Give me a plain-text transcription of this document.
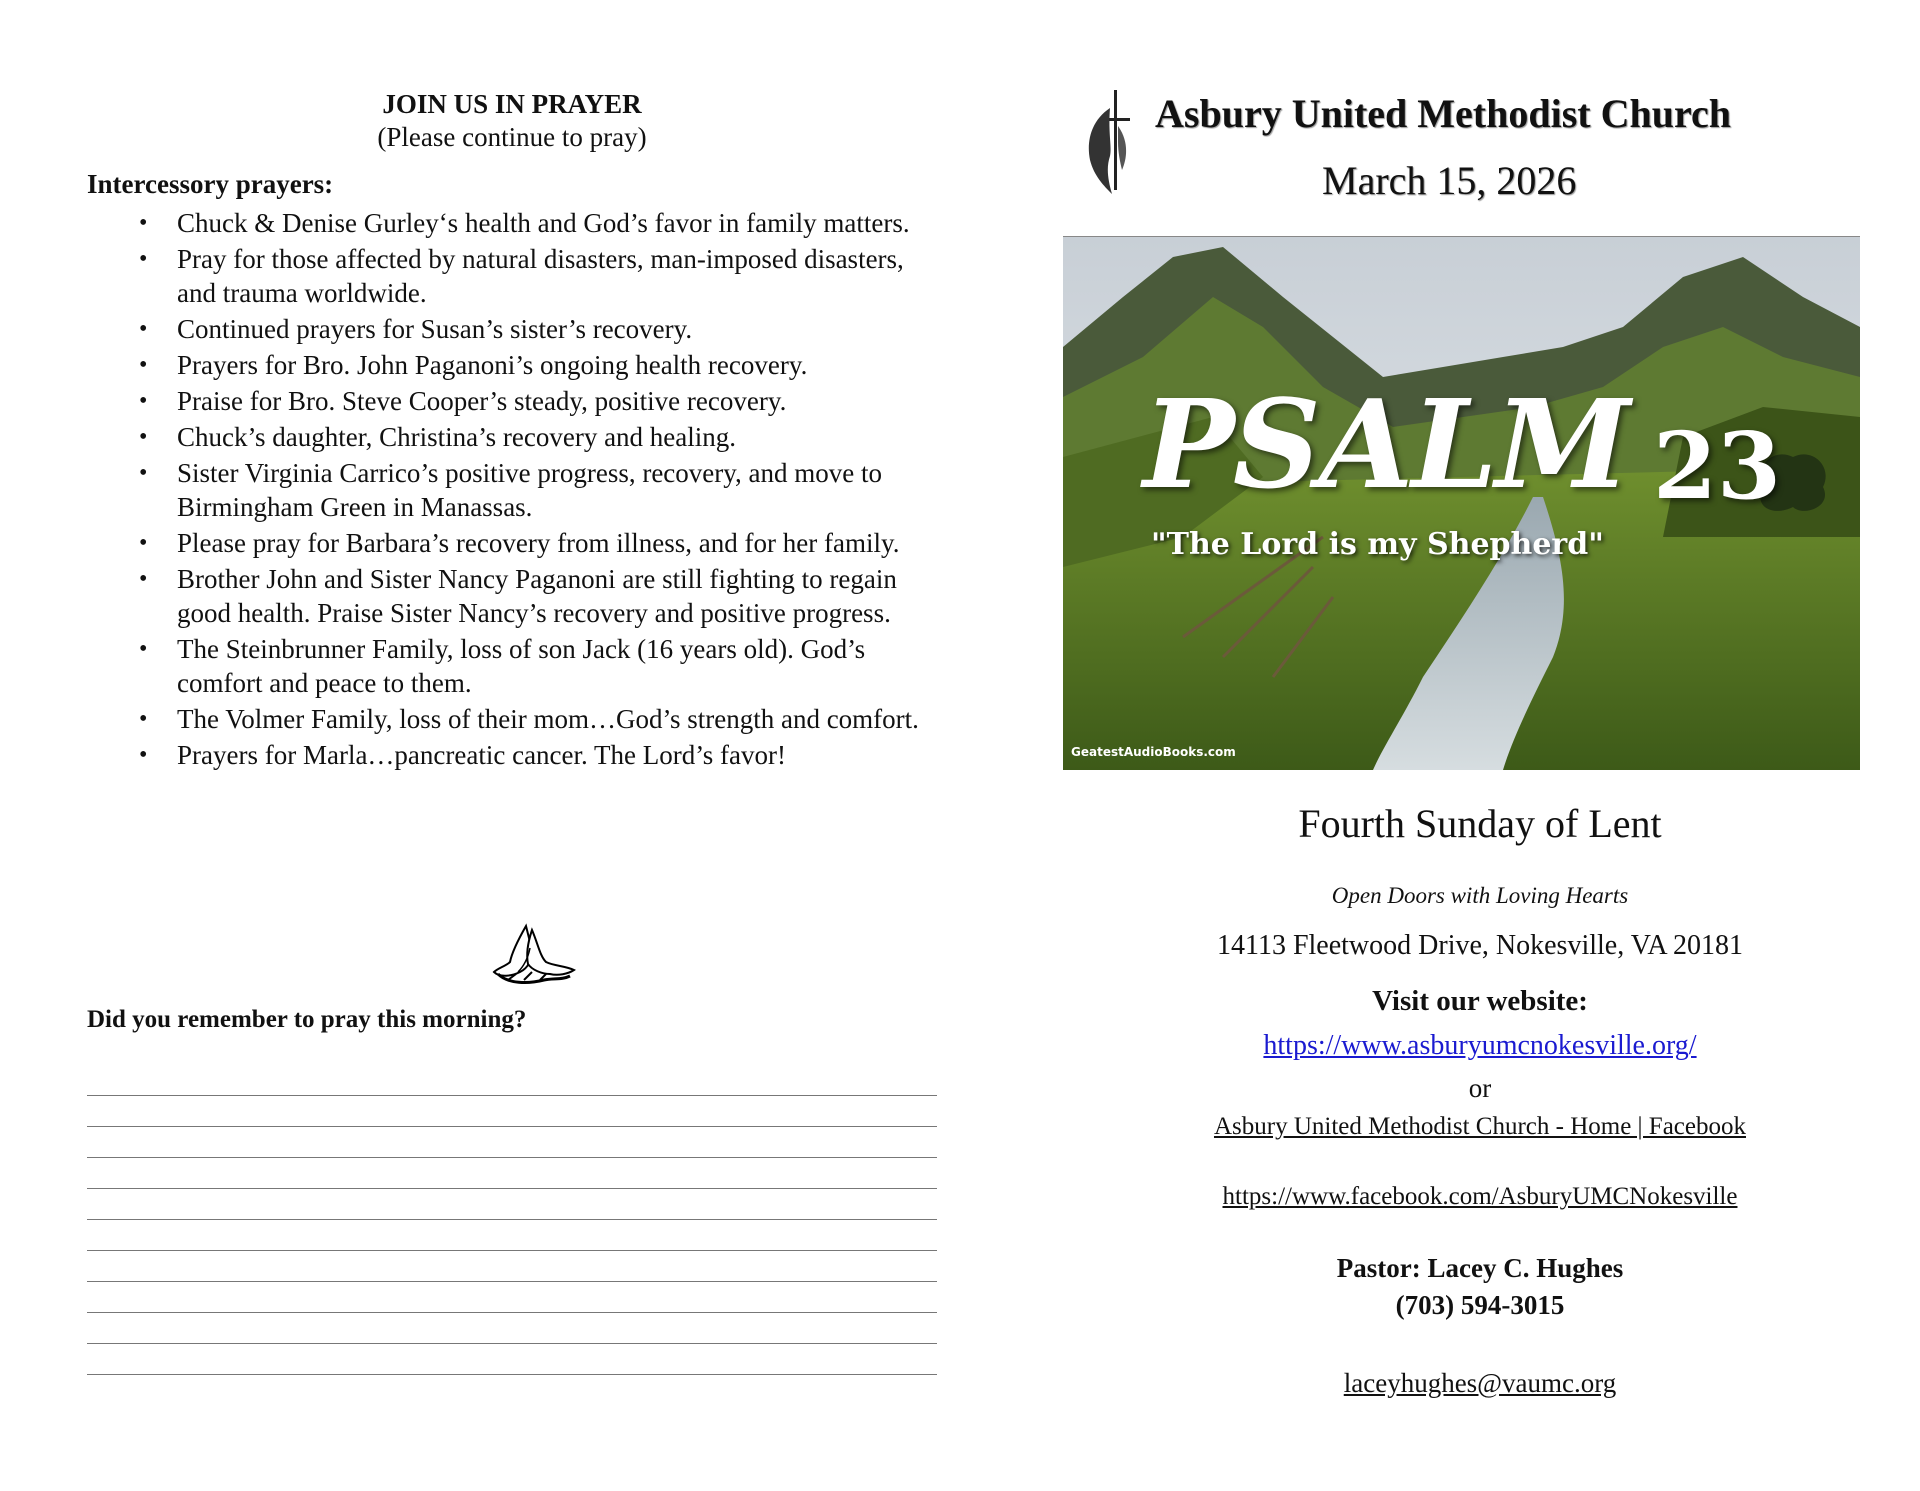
JOIN US IN PRAYER
(Please continue to pray)
Intercessory prayers:
• Chuck & Denise Gurley‘s health and God’s favor in family matters.
• Pray for those affected by natural disasters, man-imposed disasters, and trauma worldwide.
• Continued prayers for Susan’s sister’s recovery.
• Prayers for Bro. John Paganoni’s ongoing health recovery.
• Praise for Bro. Steve Cooper’s steady, positive recovery.
• Chuck’s daughter, Christina’s recovery and healing.
• Sister Virginia Carrico’s positive progress, recovery, and move to Birmingham Green in Manassas.
• Please pray for Barbara’s recovery from illness, and for her family.
• Brother John and Sister Nancy Paganoni are still fighting to regain good health. Praise Sister Nancy’s recovery and positive progress.
• The Steinbrunner Family, loss of son Jack (16 years old). God’s comfort and peace to them.
• The Volmer Family, loss of their mom…God’s strength and comfort.
• Prayers for Marla…pancreatic cancer. The Lord’s favor!
Did you remember to pray this morning?
Asbury United Methodist Church
March 15, 2026
PSALM 23
"The Lord is my Shepherd"
GeatestAudioBooks.com
Fourth Sunday of Lent
Open Doors with Loving Hearts
14113 Fleetwood Drive, Nokesville, VA 20181
Visit our website:
https://www.asburyumcnokesville.org/
or
Asbury United Methodist Church - Home | Facebook
https://www.facebook.com/AsburyUMCNokesville
Pastor: Lacey C. Hughes
(703) 594-3015
laceyhughes@vaumc.org
